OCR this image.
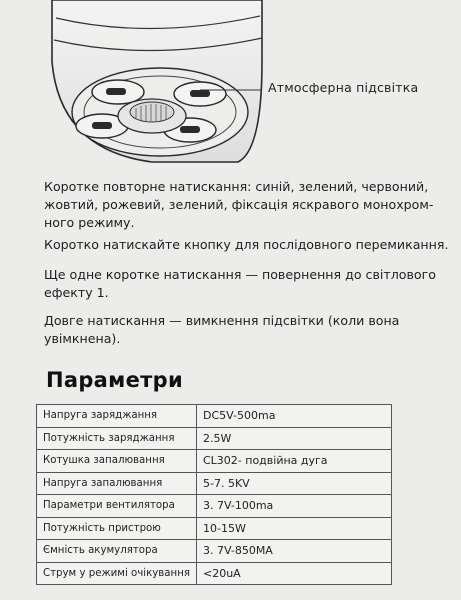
Атмосферна підсвітка

Коротке повторне натискання: синій, зелений, червоний, жовтий, рожевий, зелений, фіксація яскравого монохром-ного режиму.

Коротко натискайте кнопку для послідовного перемикання.

Ще одне коротке натискання — повернення до світлового ефекту 1.

Довге натискання — вимкнення підсвітки (коли вона увімкнена).

Параметри
Напруга заряджання	DC5V-500ma
Потужність заряджання	2.5W
Котушка запалювання	CL302- подвійна дуга
Напруга запалювання	5-7. 5KV
Параметри вентилятора	3. 7V-100ma
Потужність пристрою	10-15W
Ємність акумулятора	3. 7V-850MA
Струм у режимі очікування	<20uA
